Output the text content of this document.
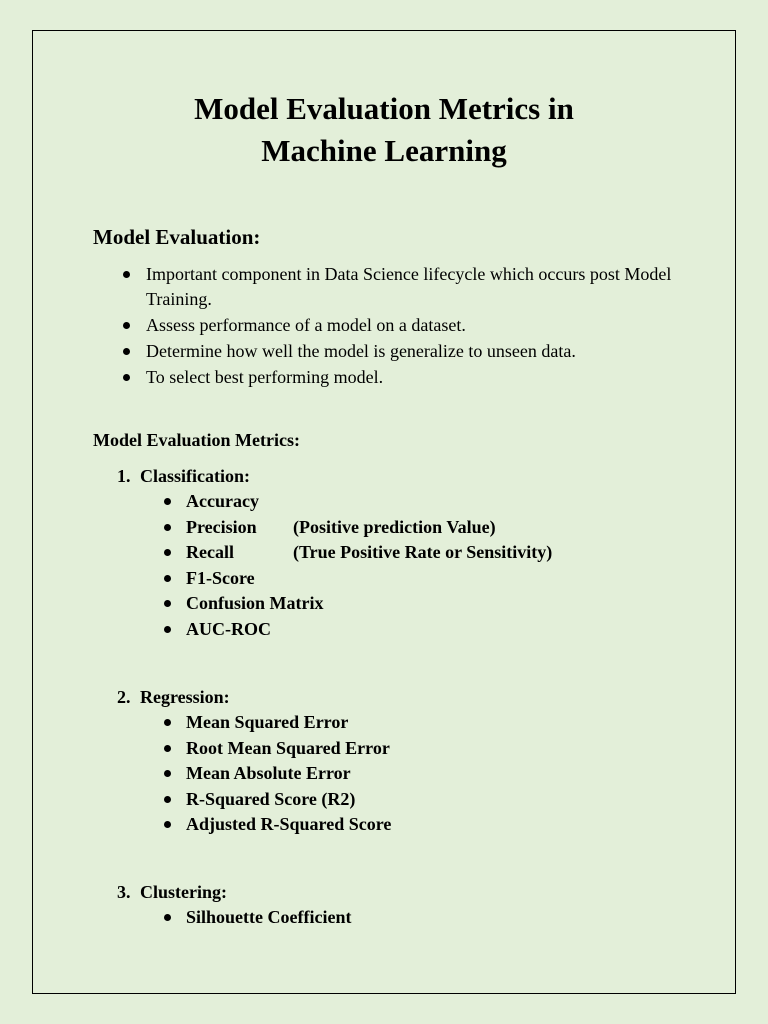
Model Evaluation Metrics in
Machine Learning
Model Evaluation:
Important component in Data Science lifecycle which occurs post Model Training.
Assess performance of a model on a dataset.
Determine how well the model is generalize to unseen data.
To select best performing model.
Model Evaluation Metrics:
1. Classification:
Accuracy
Precision (Positive prediction Value)
Recall	(True Positive Rate or Sensitivity)
F1-Score
Confusion Matrix
AUC-ROC
2. Regression:
Mean Squared Error
Root Mean Squared Error
Mean Absolute Error
R-Squared Score (R2)
Adjusted R-Squared Score
3. Clustering:
Silhouette Coefficient
